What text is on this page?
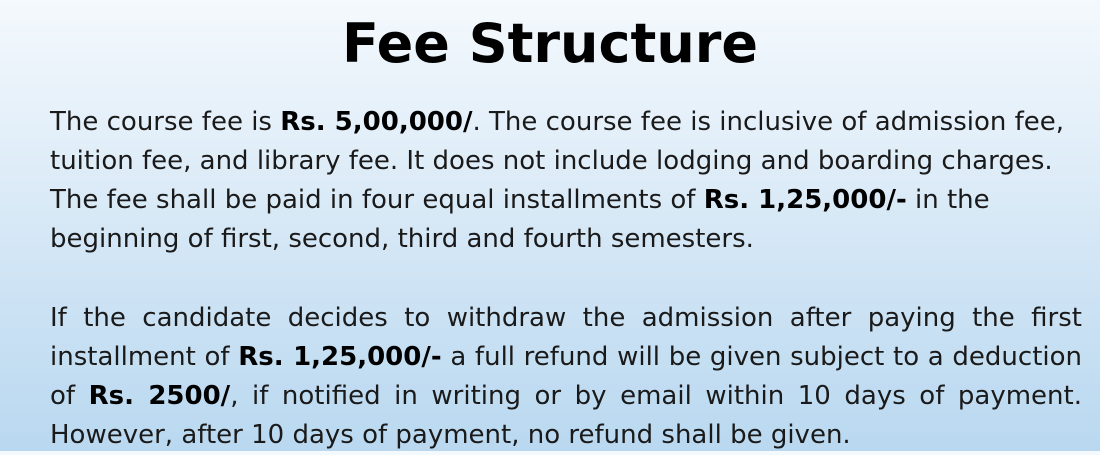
Fee Structure

The course fee is Rs. 5,00,000/. The course fee is inclusive of admission fee, tuition fee, and library fee. It does not include lodging and boarding charges. The fee shall be paid in four equal installments of Rs. 1,25,000/- in the beginning of first, second, third and fourth semesters.

If the candidate decides to withdraw the admission after paying the first installment of Rs. 1,25,000/- a full refund will be given subject to a deduction of Rs. 2500/, if notified in writing or by email within 10 days of payment. However, after 10 days of payment, no refund shall be given.
